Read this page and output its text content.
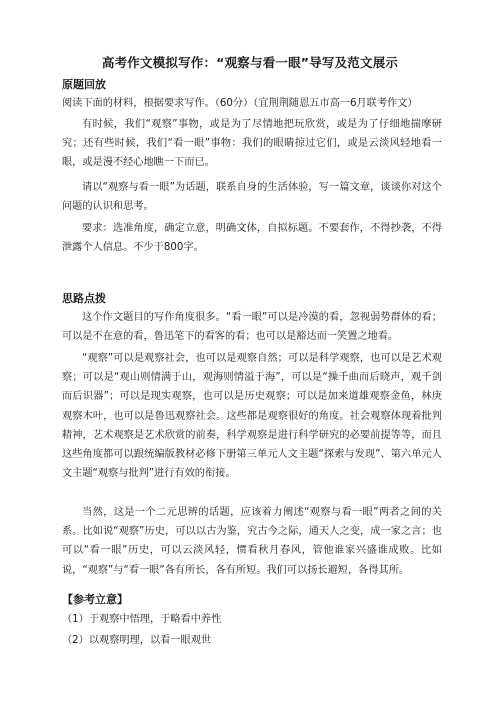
高考作文模拟写作：“观察与看一眼”导写及范文展示
原题回放
阅读下面的材料，根据要求写作。（60分）（宜荆荆随恩五市高一6月联考作文）
有时候，我们“观察”事物，或是为了尽情地把玩欣赏，或是为了仔细地揣摩研究；还有些时候，我们“看一眼”事物：我们的眼睛掠过它们，或是云淡风轻地看一眼，或是漫不经心地瞧一下而已。
请以“观察与看一眼”为话题，联系自身的生活体验，写一篇文章，谈谈你对这个问题的认识和思考。
要求：选准角度，确定立意，明确文体，自拟标题。不要套作，不得抄袭，不得泄露个人信息。不少于800字。
思路点拨
这个作文题目的写作角度很多。“看一眼”可以是冷漠的看，忽视弱势群体的看；可以是不在意的看，鲁迅笔下的看客的看；也可以是豁达而一笑置之地看。
“观察”可以是观察社会，也可以是观察自然；可以是科学观察，也可以是艺术观察；可以是“观山则情满于山，观海则情溢于海”，可以是“操千曲而后晓声，观千剑而后识器”；可以是现实观察，也可以是历史观察；可以是加来道雄观察金鱼，林庚观察木叶，也可以是鲁迅观察社会。这些都是观察很好的角度。社会观察体现着批判精神，艺术观察是艺术欣赏的前奏，科学观察是进行科学研究的必要前提等等，而且这些角度都可以跟统编版教材必修下册第三单元人文主题“探索与发现”、第六单元人文主题“观察与批判”进行有效的衔接。
当然，这是一个二元思辨的话题，应该着力阐述“观察与看一眼”两者之间的关系。比如说“观察”历史，可以以古为鉴，究古今之际，通天人之变，成一家之言；也可以“看一眼”历史，可以云淡风轻，惯看秋月春风，管他谁家兴盛谁成败。比如说，“观察”与“看一眼”各有所长，各有所短。我们可以扬长避短，各得其所。
【参考立意】
（1）于观察中悟理，于略看中养性
（2）以观察明理，以看一眼观世
